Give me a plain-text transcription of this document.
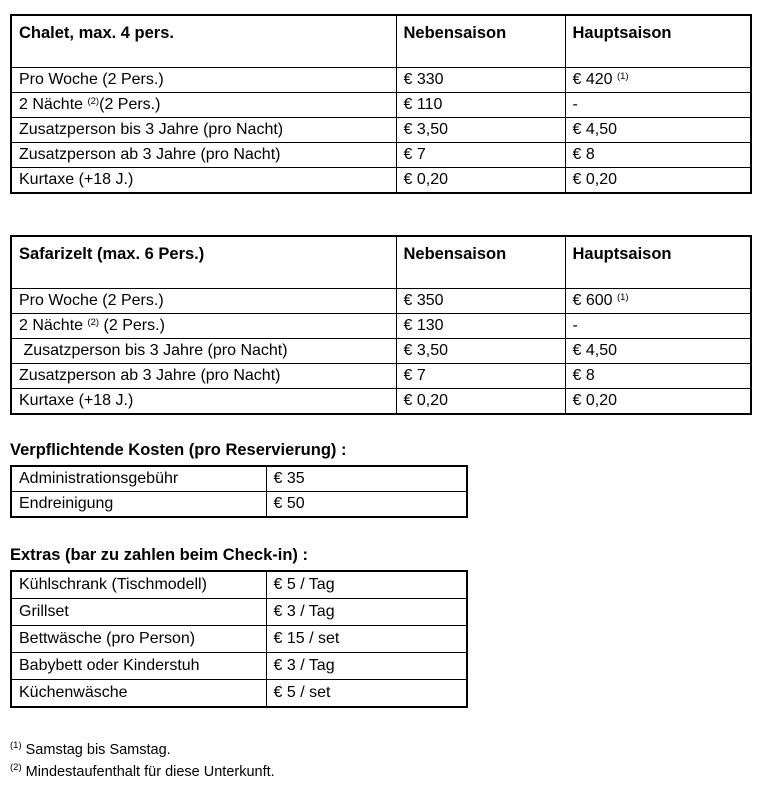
Chalet, max. 4 pers.	Nebensaison	Hauptsaison
Pro Woche (2 Pers.)	€ 330	€ 420 $^{(1)}$
2 Nächte $^{(2)}$(2 Pers.)	€ 110	-
Zusatzperson bis 3 Jahre (pro Nacht)	€ 3,50	€ 4,50
Zusatzperson ab 3 Jahre (pro Nacht)	€ 7	€ 8
Kurtaxe (+18 J.)	€ 0,20	€ 0,20
Safarizelt (max. 6 Pers.)	Nebensaison	Hauptsaison
Pro Woche (2 Pers.)	€ 350	€ 600 $^{(1)}$
2 Nächte $^{(2)}$ (2 Pers.)	€ 130	-
Zusatzperson bis 3 Jahre (pro Nacht)	€ 3,50	€ 4,50
Zusatzperson ab 3 Jahre (pro Nacht)	€ 7	€ 8
Kurtaxe (+18 J.)	€ 0,20	€ 0,20
Verpflichtende Kosten (pro Reservierung) :
Administrationsgebühr	€ 35
Endreinigung	€ 50
Extras (bar zu zahlen beim Check-in) :
Kühlschrank (Tischmodell)	€ 5 / Tag
Grillset	€ 3 / Tag
Bettwäsche (pro Person)	€ 15 / set
Babybett oder Kinderstuh	€ 3 / Tag
Küchenwäsche	€ 5 / set

$^{(1)}$ Samstag bis Samstag.

$^{(2)}$ Mindestaufenthalt für diese Unterkunft.
